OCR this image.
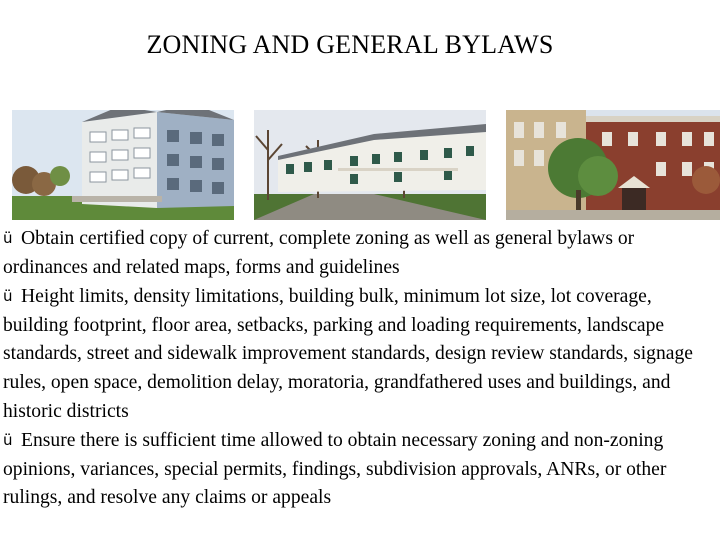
ZONING AND GENERAL BYLAWS

ü Obtain certified copy of current, complete zoning as well as general bylaws or ordinances and related maps, forms and guidelines

ü Height limits, density limitations, building bulk, minimum lot size, lot coverage, building footprint, floor area, setbacks, parking and loading requirements, landscape standards, street and sidewalk improvement standards, design review standards, signage rules, open space, demolition delay, moratoria, grandfathered uses and buildings, and historic districts

ü Ensure there is sufficient time allowed to obtain necessary zoning and non-zoning opinions, variances, special permits, findings, subdivision approvals, ANRs, or other rulings, and resolve any claims or appeals
